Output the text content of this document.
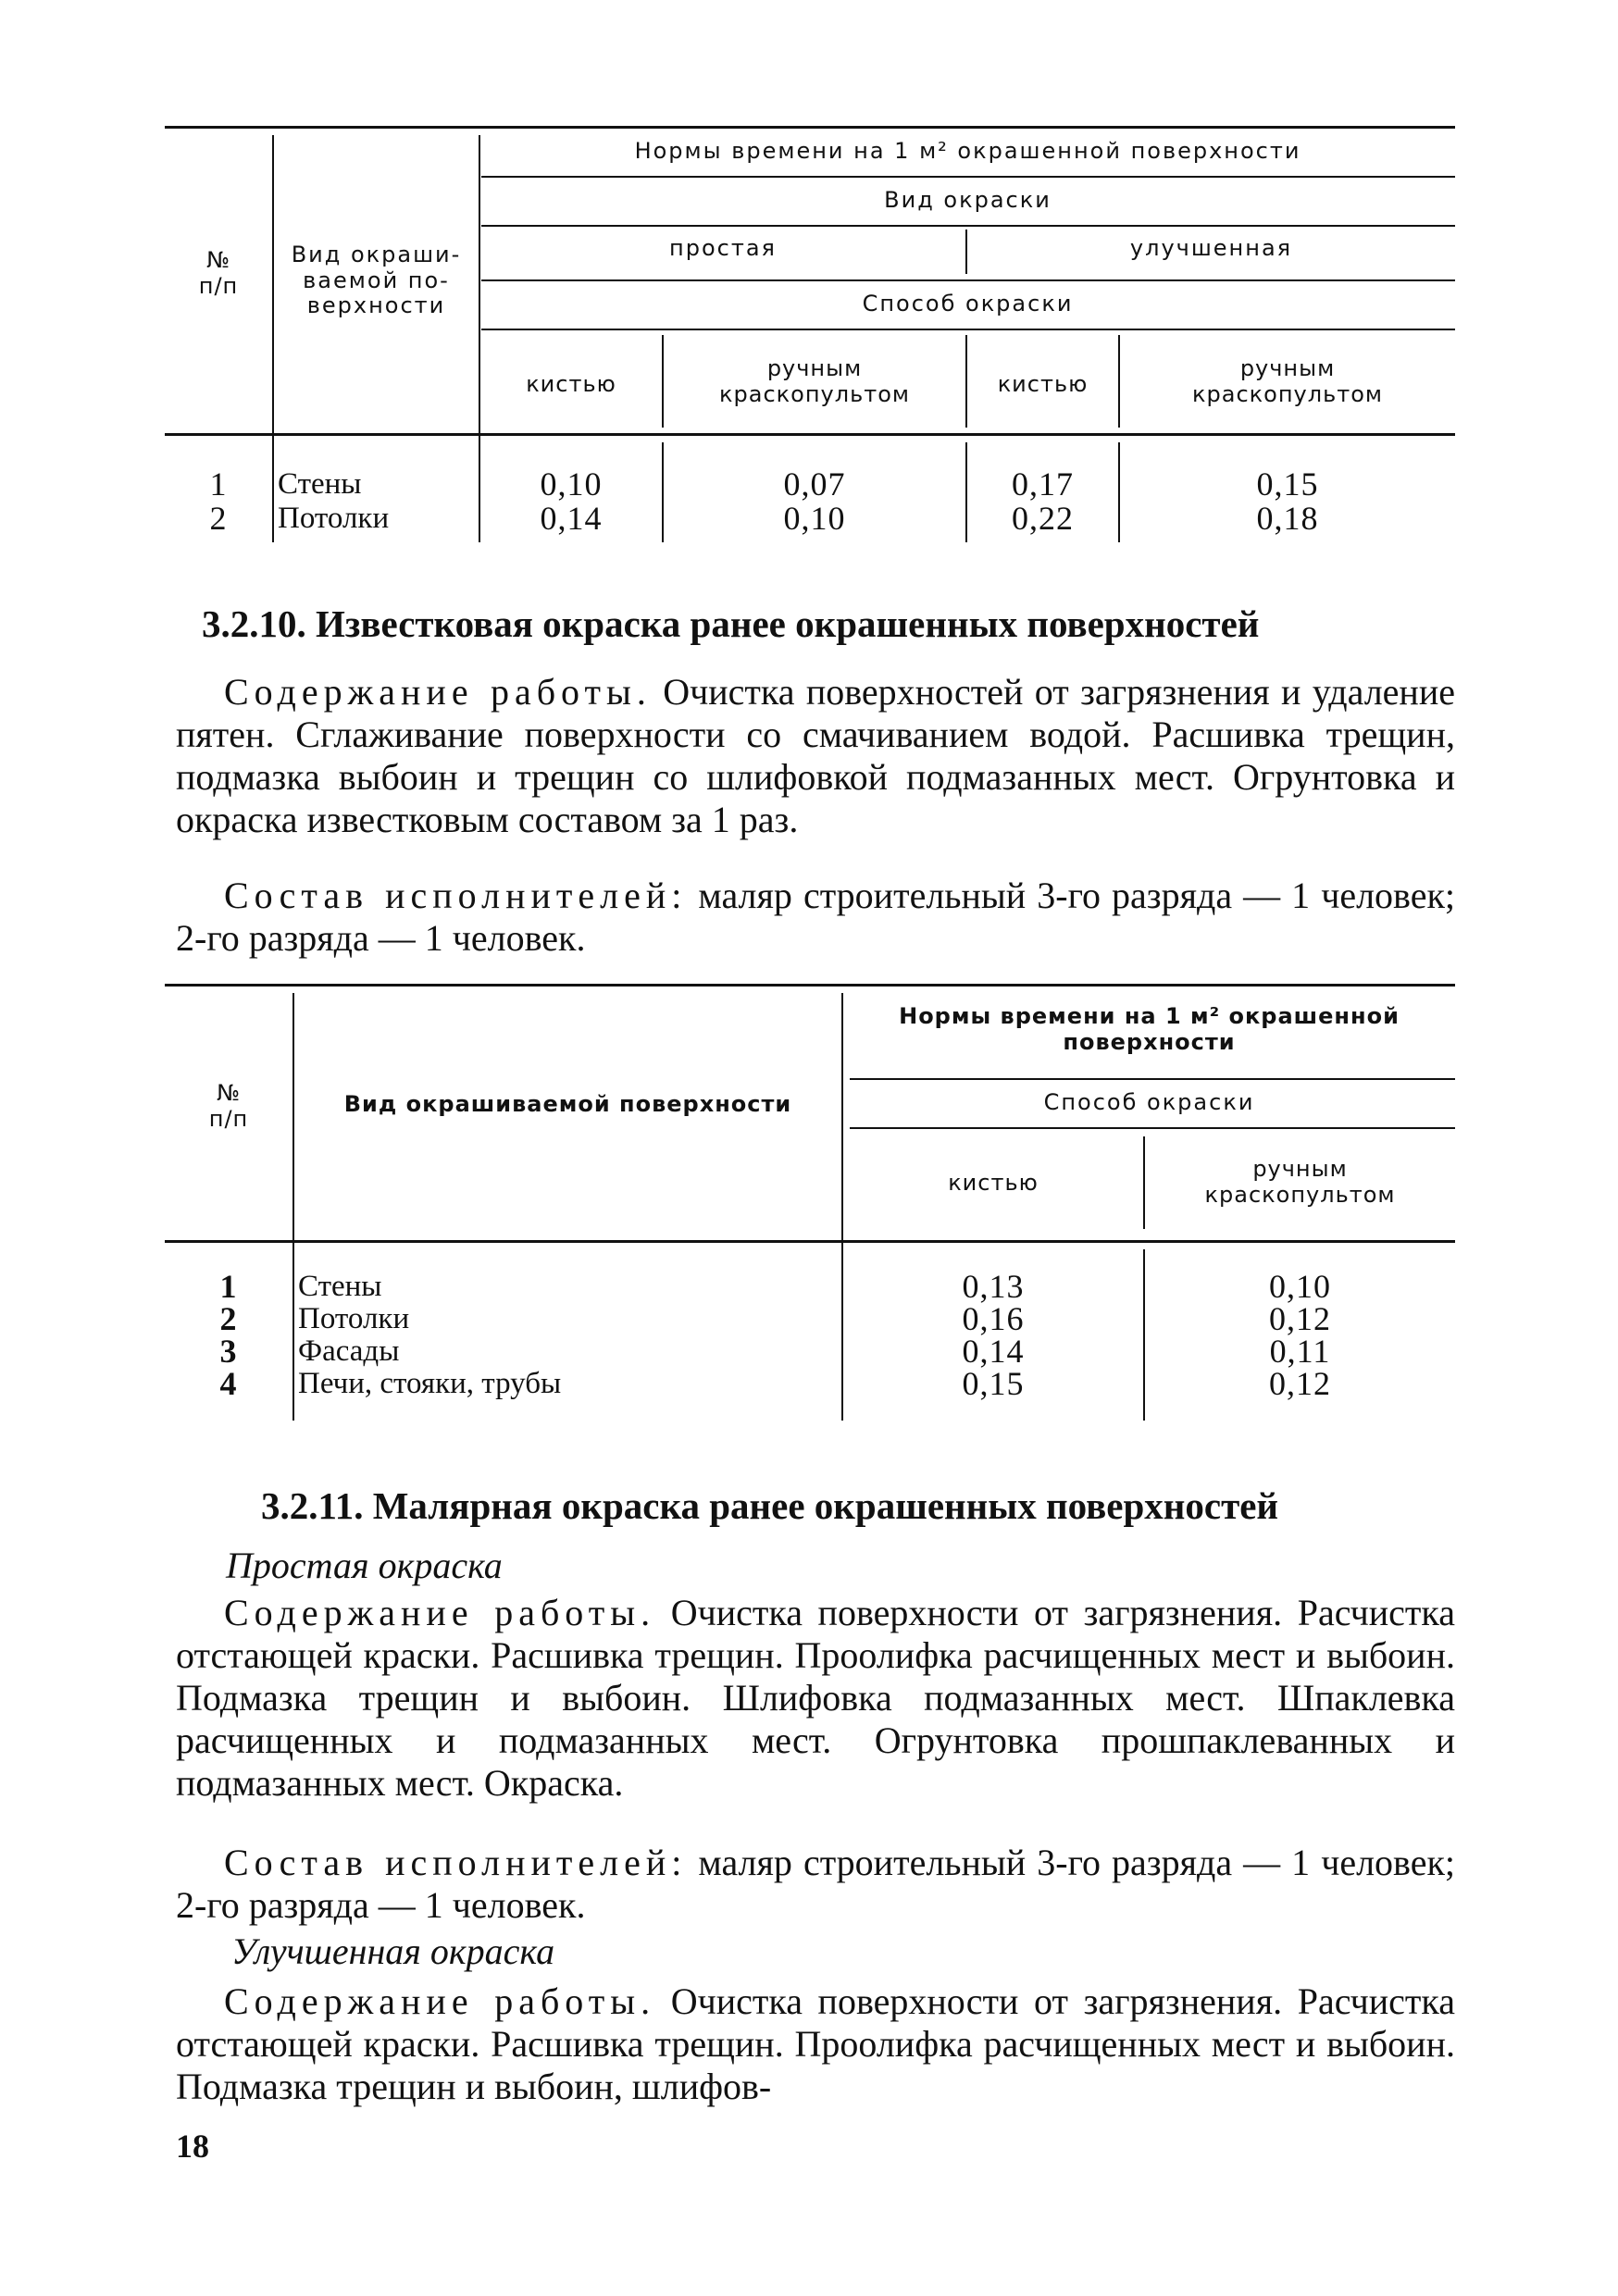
№
п/п
Вид окраши-
ваемой по-
верхности
Нормы времени на 1 м² окрашенной поверхности
Вид окраски
простая	улучшенная
Способ окраски
кистью
ручным
краскопультом	кистью
ручным
краскопультом
1	Стены	0,10	0,07	0,17	0,15
2	Потолки	0,14	0,10	0,22	0,18
3.2.10. Известковая окраска ранее окрашенных поверхностей
Содержание работы. Очистка поверхностей от загрязнения и удаление пятен. Сглаживание поверхности со смачиванием водой. Расшивка трещин, подмазка выбоин и трещин со шлифовкой подмазанных мест. Огрунтовка и окраска известковым составом за 1 раз.
Состав исполнителей: маляр строительный 3-го разряда — 1 человек; 2-го разряда — 1 человек.
№
п/п
Вид окрашиваемой поверхности
Нормы времени на 1 м² окрашенной
поверхности
Способ окраски
кистью
ручным
краскопультом
1	Стены	0,13	0,10
2	Потолки	0,16	0,12
3	Фасады	0,14	0,11
4	Печи, стояки, трубы	0,15	0,12
3.2.11. Малярная окраска ранее окрашенных поверхностей
Простая окраска
Содержание работы. Очистка поверхности от загрязнения. Расчистка отстающей краски. Расшивка трещин. Проолифка расчищенных мест и выбоин. Подмазка трещин и выбоин. Шлифовка подмазанных мест. Шпаклевка расчищенных и подмазанных мест. Огрунтовка прошпаклеванных и подмазанных мест. Окраска.
Состав исполнителей: маляр строительный 3-го разряда — 1 человек; 2-го разряда — 1 человек.
Улучшенная окраска
Содержание работы. Очистка поверхности от загрязнения. Расчистка отстающей краски. Расшивка трещин. Проолифка расчищенных мест и выбоин. Подмазка трещин и выбоин, шлифов-
18
